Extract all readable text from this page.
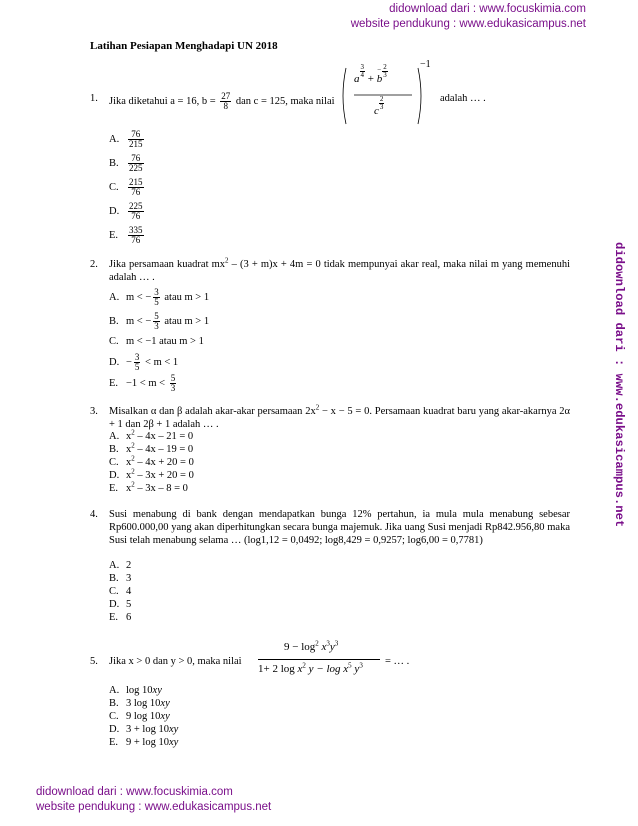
didownload dari : www.focuskimia.com
website pendukung : www.edukasicampus.net
didownload dari : www.edukasicampus.net
didownload dari : www.focuskimia.com
website pendukung : www.edukasicampus.net
Latihan Pesiapan Menghadapi UN 2018
1. Jika diketahui a = 16, $b = \frac{27}{8}$ dan c = 125, maka nilai
a
$\frac{3}{4}$
+ b
− 2
3
c
$\frac{2}{3}$
−1
adalah … .
A. $\frac{76}{215}$
B. $\frac{76}{225}$
C. $\frac{215}{76}$
D. $\frac{225}{76}$
E. $\frac{335}{76}$
2. Jika persamaan kuadrat $mx^2 - (3 + m)x + 4m = 0$ tidak mempunyai akar real, maka nilai m yang memenuhi adalah … .
A. m < − $\frac{3}{5}$ atau m > 1
B. m < − $\frac{5}{3}$ atau m > 1
C. m < −1 atau m > 1
D. − $\frac{3}{5} < m < 1$
E. $-1 < m < \frac{5}{3}$
3. Misalkan α dan β adalah akar-akar persamaan $2x^2 - x - 5 = 0$. Persamaan kuadrat baru yang akar-akarnya 2α + 1 dan 2β + 1 adalah … .
A. $x^2 - 4x - 21 = 0$
B. $x^2 - 4x - 19 = 0$
C. $x^2 - 4x + 20 = 0$
D. $x^2 - 3x + 20 = 0$
E. $x^2 - 3x - 8 = 0$
4. Susi menabung di bank dengan mendapatkan bunga 12% pertahun, ia mula mula menabung sebesar Rp600.000,00 yang akan diperhitungkan secara bunga majemuk. Jika uang Susi menjadi Rp842.956,80 maka Susi telah menabung selama … (log1,12 = 0,0492; log8,429 = 0,9257; log6,00 = 0,7781)
A. 2
B. 3
C. 4
D. 5
E. 6
5. Jika x > 0 dan y > 0, maka nilai
$9 - \log^2 x^3y^3$
1+ 2 $\log x^2$ $y - \log x^5$ $y^3$ = … .
A. log 10xy
B. 3 log 10xy
C. 9 log 10xy
D. 3 + log 10xy
E. 9 + log 10xy
